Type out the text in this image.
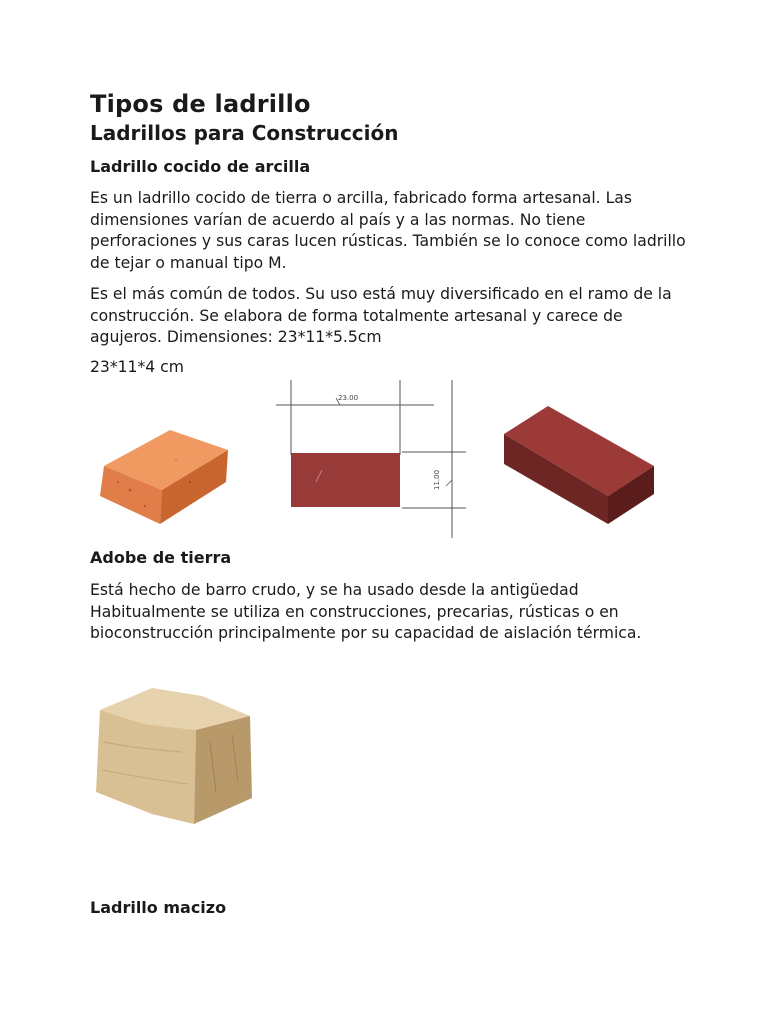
Tipos de ladrillo
Ladrillos para Construcción
Ladrillo cocido de arcilla

Es un ladrillo cocido de tierra o arcilla, fabricado forma artesanal. Las dimensiones varían de acuerdo al país y a las normas. No tiene perforaciones y sus caras lucen rústicas. También se lo conoce como ladrillo de tejar o manual tipo M.

Es el más común de todos. Su uso está muy diversificado en el ramo de la construcción. Se elabora de forma totalmente artesanal y carece de agujeros. Dimensiones: 23*11*5.5cm

23*11*4 cm

Adobe de tierra

Está hecho de barro crudo, y se ha usado desde la antigüedad Habitualmente se utiliza en construcciones, precarias, rústicas o en bioconstrucción principalmente por su capacidad de aislación térmica.

Ladrillo macizo
23.00
11.00
